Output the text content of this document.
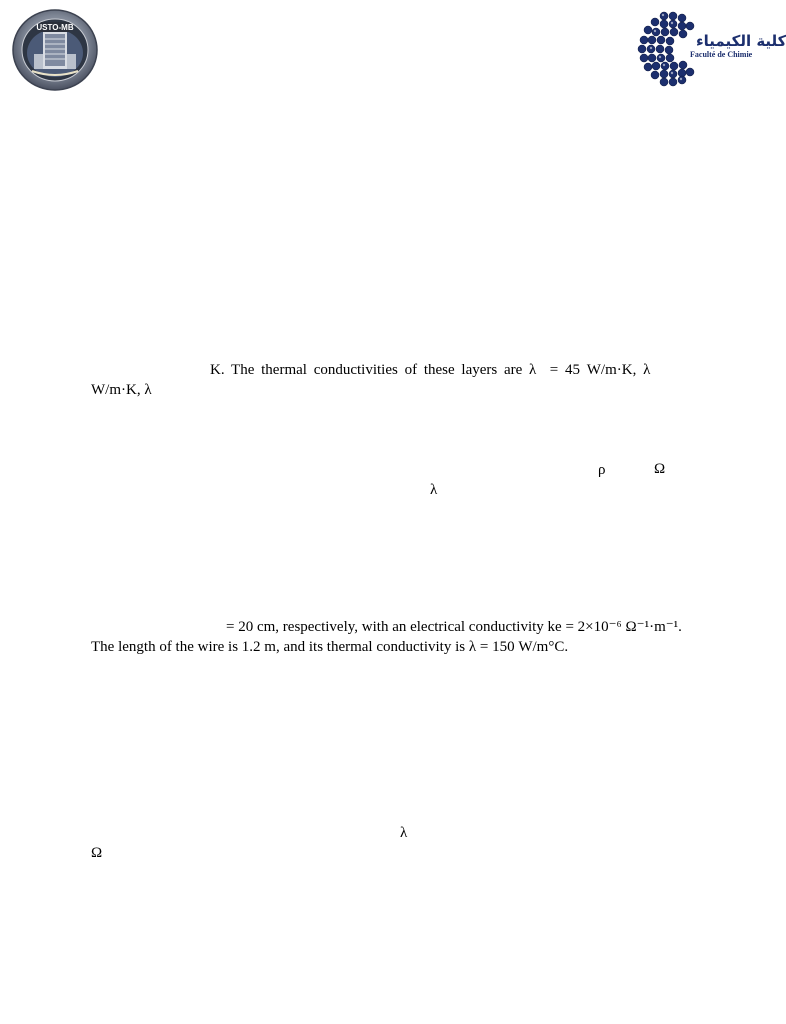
USTO-MB
كلية الكيمياء
Faculté de Chimie
K. The thermal conductivities of these layers are λ  = 45 W/m·K, λ
W/m·K, λ
ρ	Ω
λ
= 20 cm, respectively, with an electrical conductivity ke = 2×10⁻⁶ Ω⁻¹·m⁻¹.
The length of the wire is 1.2 m, and its thermal conductivity is λ = 150 W/m°C.
λ
Ω
